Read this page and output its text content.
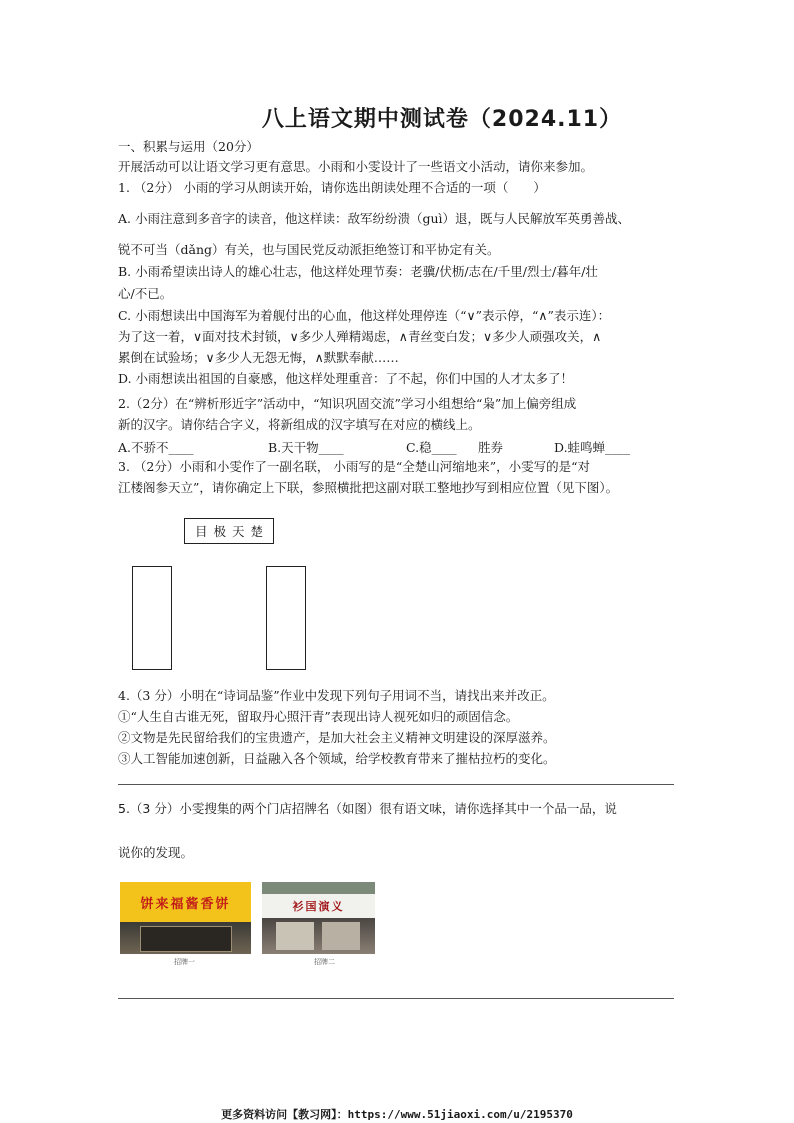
八上语文期中测试卷（2024.11）
一、积累与运用（20分）
开展活动可以让语文学习更有意思。小雨和小雯设计了一些语文小活动，请你来参加。
1. （2分） 小雨的学习从朗读开始，请你选出朗读处理不合适的一项（　　）
A. 小雨注意到多音字的读音，他这样读：敌军纷纷溃（guì）退，既与人民解放军英勇善战、
锐不可当（dǎng）有关，也与国民党反动派拒绝签订和平协定有关。
B. 小雨希望读出诗人的雄心壮志，他这样处理节奏：老骥/伏枥/志在/千里/烈士/暮年/壮
心/不已。
C. 小雨想读出中国海军为着舰付出的心血，他这样处理停连（“∨”表示停，“∧”表示连）：
为了这一着，∨面对技术封锁，∨多少人殚精竭虑，∧青丝变白发；∨多少人顽强攻关，∧
累倒在试验场；∨多少人无怨无悔，∧默默奉献……
D. 小雨想读出祖国的自豪感，他这样处理重音：了不起，你们中国的人才太多了！
2.（2分）在“辨析形近字”活动中，“知识巩固交流”学习小组想给“枭”加上偏旁组成
新的汉字。请你结合字义，将新组成的汉字填写在对应的横线上。
A.不骄不____	B.天干物____	C.稳____ 胜券	D.蛙鸣蝉____
3. （2分）小雨和小雯作了一副名联， 小雨写的是“全楚山河缩地来”，小雯写的是“对
江楼阁参天立”，请你确定上下联，参照横批把这副对联工整地抄写到相应位置（见下图）。
目极天楚
4.（3 分）小明在“诗词品鉴”作业中发现下列句子用词不当，请找出来并改正。
①“人生自古谁无死，留取丹心照汗青”表现出诗人视死如归的顽固信念。
②文物是先民留给我们的宝贵遗产，是加大社会主义精神文明建设的深厚滋养。
③人工智能加速创新，日益融入各个领域，给学校教育带来了摧枯拉朽的变化。
5.（3 分）小雯搜集的两个门店招牌名（如图）很有语文味，请你选择其中一个品一品，说
说你的发现。
饼来福酱香饼
招牌一
衫国演义
招牌二
更多资料访问【教习网】：https://www.51jiaoxi.com/u/2195370
